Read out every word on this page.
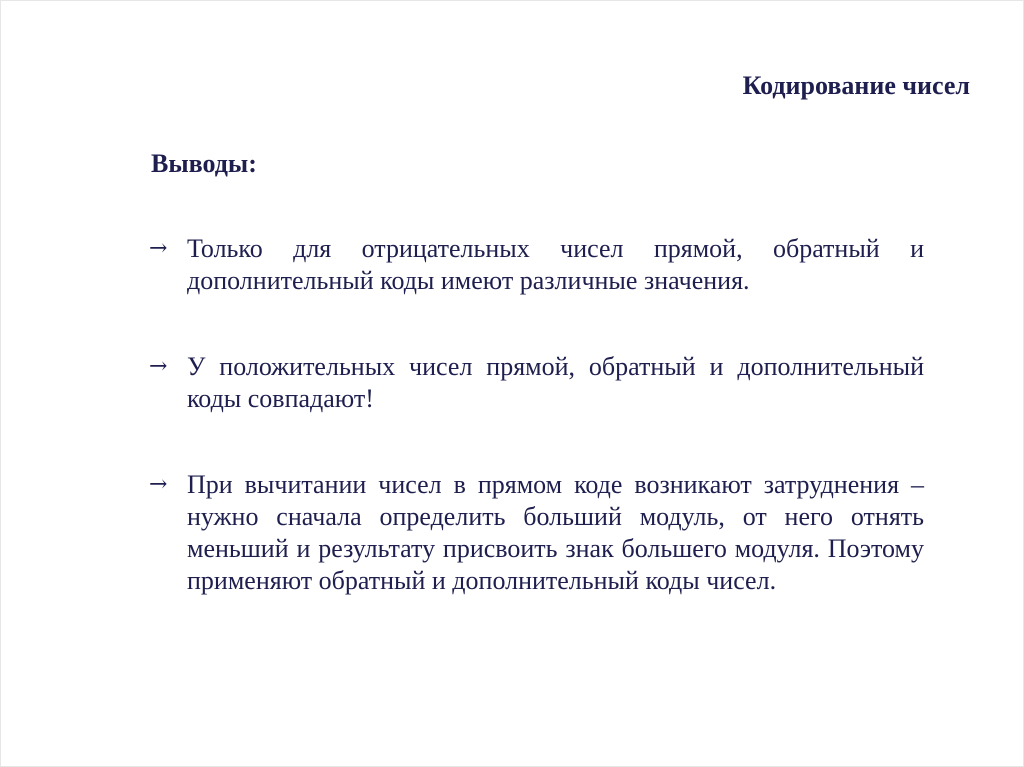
Кодирование чисел
Выводы:
→ Только для отрицательных чисел прямой, обратный и дополнительный коды имеют различные значения.
→ У положительных чисел прямой, обратный и дополнительный коды совпадают!
→ При вычитании чисел в прямом коде возникают затруднения – нужно сначала определить больший модуль, от него отнять меньший и результату присвоить знак большего модуля. Поэтому применяют обратный и дополнительный коды чисел.
